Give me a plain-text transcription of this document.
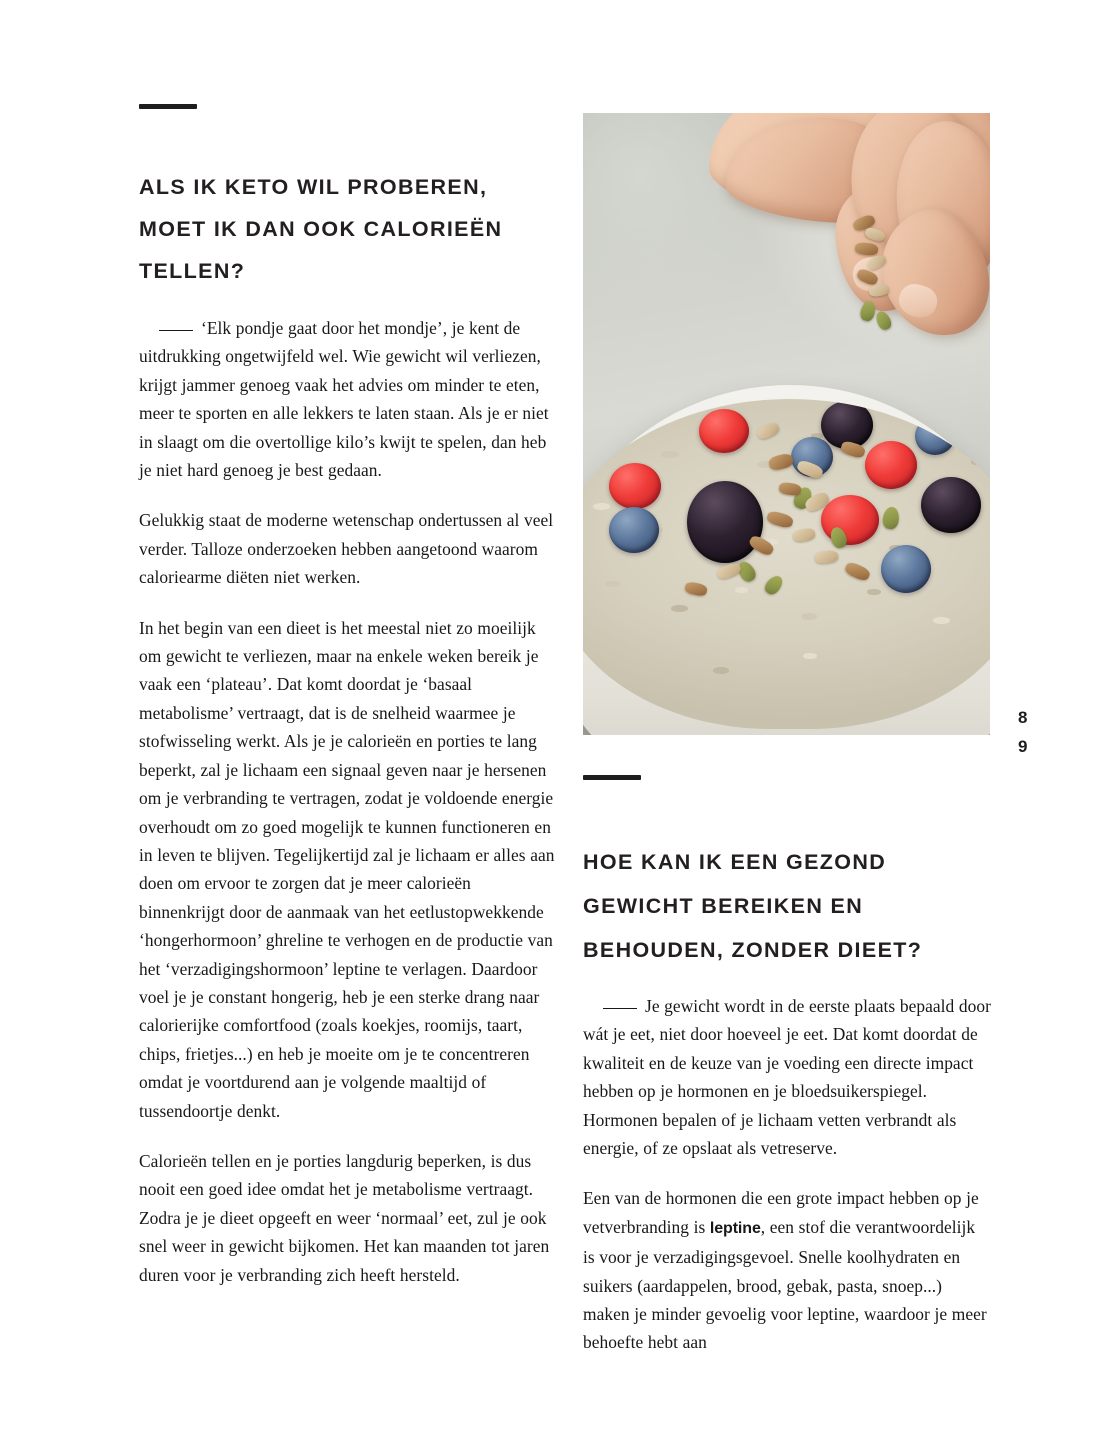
ALS IK KETO WIL PROBEREN, MOET IK DAN OOK CALORIEËN TELLEN?

‘Elk pondje gaat door het mondje’, je kent de uitdrukking ongetwijfeld wel. Wie gewicht wil verliezen, krijgt jammer genoeg vaak het advies om minder te eten, meer te sporten en alle lekkers te laten staan. Als je er niet in slaagt om die overtollige kilo’s kwijt te spelen, dan heb je niet hard genoeg je best gedaan.

Gelukkig staat de moderne wetenschap ondertussen al veel verder. Talloze onderzoeken hebben aangetoond waarom caloriearme diëten niet werken.

In het begin van een dieet is het meestal niet zo moeilijk om gewicht te verliezen, maar na enkele weken bereik je vaak een ‘plateau’. Dat komt doordat je ‘basaal metabolisme’ vertraagt, dat is de snelheid waarmee je stofwisseling werkt. Als je je calorieën en porties te lang beperkt, zal je lichaam een signaal geven naar je hersenen om je verbranding te vertragen, zodat je voldoende energie overhoudt om zo goed mogelijk te kunnen functioneren en in leven te blijven. Tegelijkertijd zal je lichaam er alles aan doen om ervoor te zorgen dat je meer calorieën binnenkrijgt door de aanmaak van het eetlustopwekkende ‘hongerhormoon’ ghreline te verhogen en de productie van het ‘verzadigingshormoon’ leptine te verlagen. Daardoor voel je je constant hongerig, heb je een sterke drang naar calorierijke comfortfood (zoals koekjes, roomijs, taart, chips, frietjes...) en heb je moeite om je te concentreren omdat je voortdurend aan je volgende maaltijd of tussendoortje denkt.

Calorieën tellen en je porties langdurig beperken, is dus nooit een goed idee omdat het je metabolisme vertraagt. Zodra je je dieet opgeeft en weer ‘normaal’ eet, zul je ook snel weer in gewicht bijkomen. Het kan maanden tot jaren duren voor je verbranding zich heeft hersteld.

HOE KAN IK EEN GEZOND GEWICHT BEREIKEN EN BEHOUDEN, ZONDER DIEET?

Je gewicht wordt in de eerste plaats bepaald door wát je eet, niet door hoeveel je eet. Dat komt doordat de kwaliteit en de keuze van je voeding een directe impact hebben op je hormonen en je bloedsuikerspiegel. Hormonen bepalen of je lichaam vetten verbrandt als energie, of ze opslaat als vetreserve.

Een van de hormonen die een grote impact hebben op je vetverbranding is leptine, een stof die verantwoordelijk is voor je verzadigingsgevoel. Snelle koolhydraten en suikers (aardappelen, brood, gebak, pasta, snoep...) maken je minder gevoelig voor leptine, waardoor je meer behoefte hebt aan

8
9
